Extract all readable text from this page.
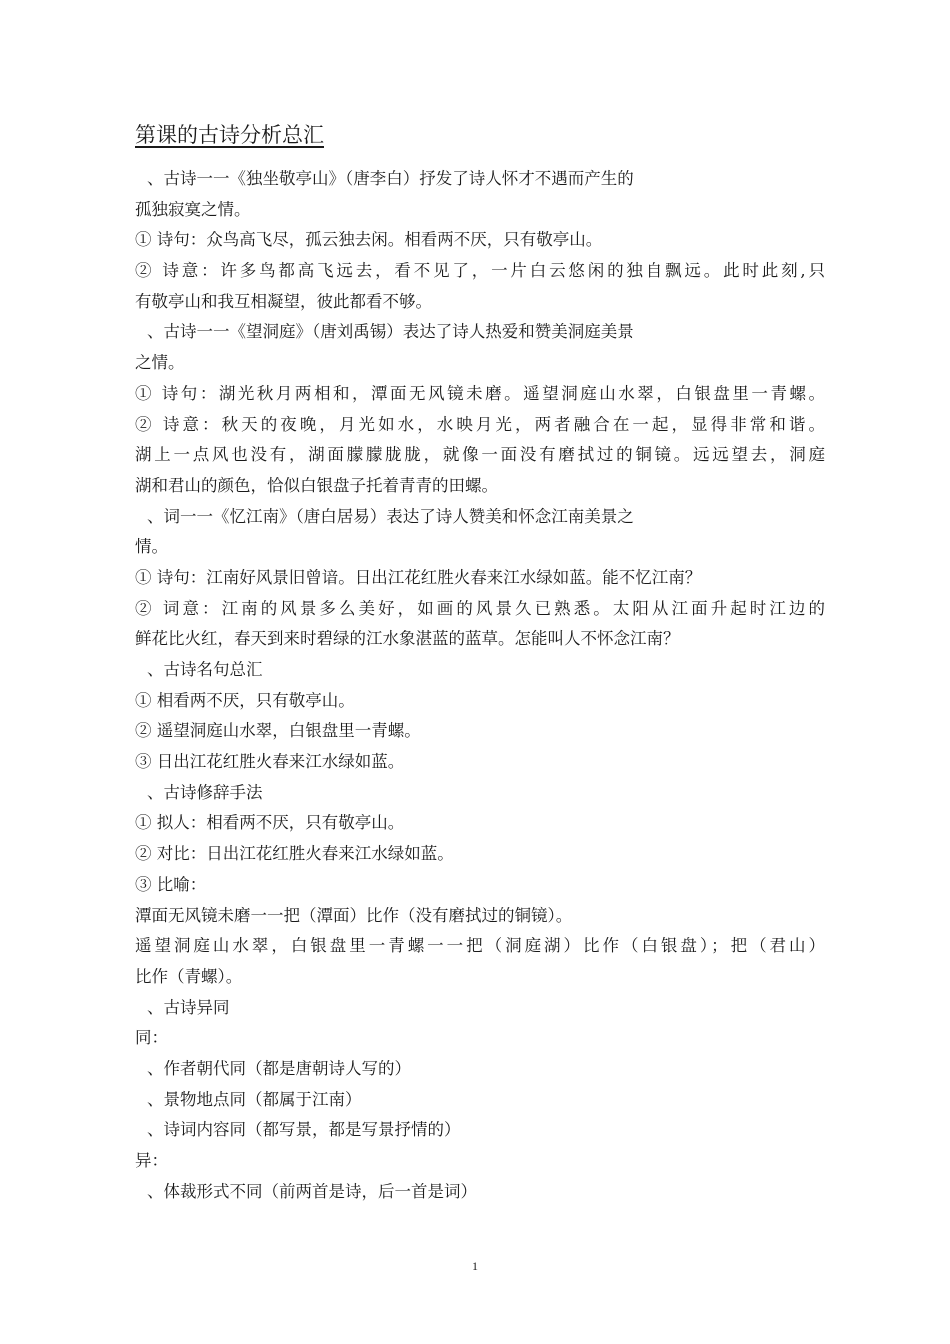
第课的古诗分析总汇
、古诗一一《独坐敬亭山》（唐李白）抒发了诗人怀才不遇而产生的
孤独寂寞之情。
① 诗句：众鸟高飞尽，孤云独去闲。相看两不厌，只有敬亭山。
② 诗意：许多鸟都高飞远去，看不见了，一片白云悠闲的独自飘远。此时此刻,只
有敬亭山和我互相凝望，彼此都看不够。
、古诗一一《望洞庭》（唐刘禹锡）表达了诗人热爱和赞美洞庭美景
之情。
① 诗句：湖光秋月两相和，潭面无风镜未磨。遥望洞庭山水翠，白银盘里一青螺。
② 诗意：秋天的夜晚，月光如水，水映月光，两者融合在一起，显得非常和谐。
湖上一点风也没有，湖面朦朦胧胧，就像一面没有磨拭过的铜镜。远远望去，洞庭
湖和君山的颜色，恰似白银盘子托着青青的田螺。
、词一一《忆江南》（唐白居易）表达了诗人赞美和怀念江南美景之
情。
① 诗句：江南好风景旧曾谙。日出江花红胜火春来江水绿如蓝。能不忆江南？
② 词意：江南的风景多么美好，如画的风景久已熟悉。太阳从江面升起时江边的
鲜花比火红，春天到来时碧绿的江水象湛蓝的蓝草。怎能叫人不怀念江南？
、古诗名句总汇
① 相看两不厌，只有敬亭山。
② 遥望洞庭山水翠，白银盘里一青螺。
③ 日出江花红胜火春来江水绿如蓝。
、古诗修辞手法
① 拟人：相看两不厌，只有敬亭山。
② 对比：日出江花红胜火春来江水绿如蓝。
③ 比喻：
潭面无风镜未磨一一把（潭面）比作（没有磨拭过的铜镜）。
遥望洞庭山水翠，白银盘里一青螺一一把（洞庭湖）比作（白银盘）；把（君山）
比作（青螺）。
、古诗异同
同：
、作者朝代同（都是唐朝诗人写的）
、景物地点同（都属于江南）
、诗词内容同（都写景，都是写景抒情的）
异：
、体裁形式不同（前两首是诗，后一首是词）
1
